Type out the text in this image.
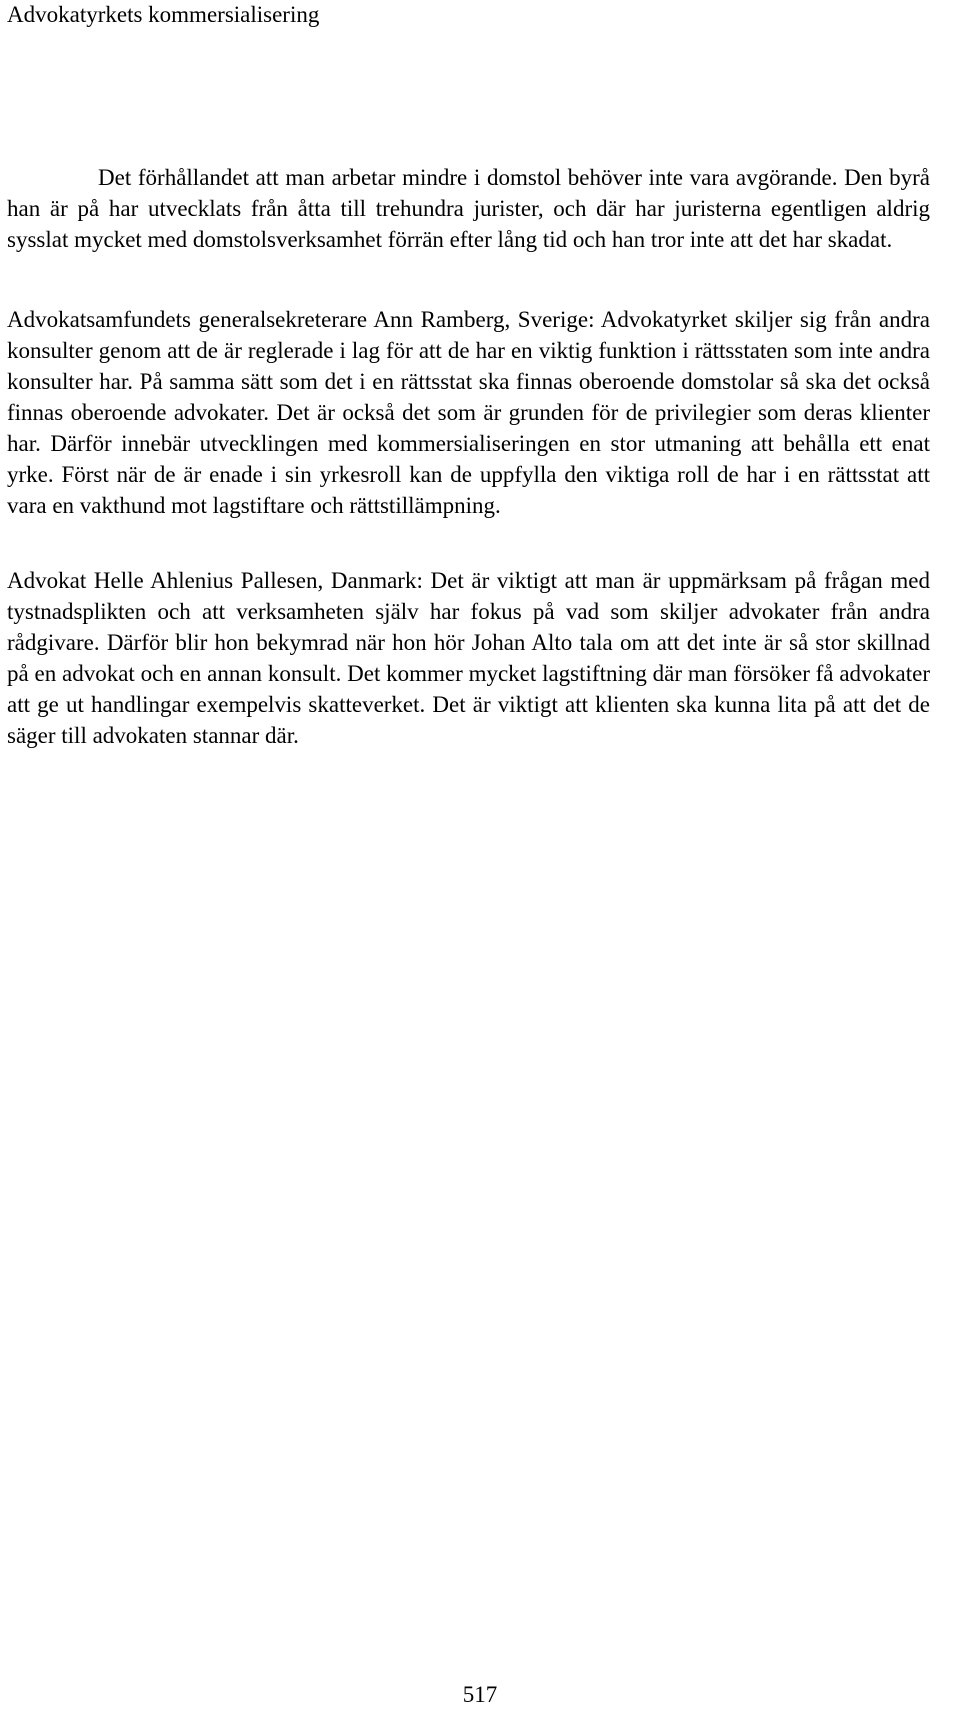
Advokatyrkets kommersialisering

Det förhållandet att man arbetar mindre i domstol behöver inte vara avgörande. Den byrå han är på har utvecklats från åtta till trehundra jurister, och där har juristerna egentligen aldrig sysslat mycket med domstolsverksamhet förrän efter lång tid och han tror inte att det har skadat.

Advokatsamfundets generalsekreterare Ann Ramberg, Sverige: Advokatyrket skiljer sig från andra konsulter genom att de är reglerade i lag för att de har en viktig funktion i rättsstaten som inte andra konsulter har. På samma sätt som det i en rättsstat ska finnas oberoende domstolar så ska det också finnas oberoende advokater. Det är också det som är grunden för de privilegier som deras klienter har. Därför innebär utvecklingen med kommersialiseringen en stor utmaning att behålla ett enat yrke. Först när de är enade i sin yrkesroll kan de uppfylla den viktiga roll de har i en rättsstat att vara en vakthund mot lagstiftare och rättstillämpning.

Advokat Helle Ahlenius Pallesen, Danmark: Det är viktigt att man är uppmärksam på frågan med tystnadsplikten och att verksamheten själv har fokus på vad som skiljer advokater från andra rådgivare. Därför blir hon bekymrad när hon hör Johan Alto tala om att det inte är så stor skillnad på en advokat och en annan konsult. Det kommer mycket lagstiftning där man försöker få advokater att ge ut handlingar exempelvis skatteverket. Det är viktigt att klienten ska kunna lita på att det de säger till advokaten stannar där.

517
